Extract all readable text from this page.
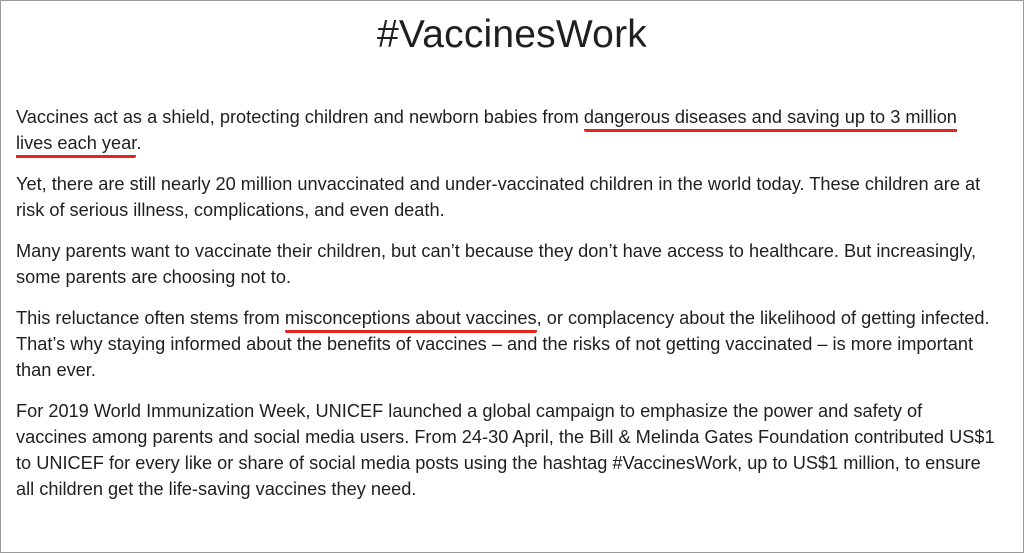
#VaccinesWork

Vaccines act as a shield, protecting children and newborn babies from dangerous diseases and saving up to 3 million lives each year.

Yet, there are still nearly 20 million unvaccinated and under-vaccinated children in the world today. These children are at risk of serious illness, complications, and even death.

Many parents want to vaccinate their children, but can’t because they don’t have access to healthcare. But increasingly, some parents are choosing not to.

This reluctance often stems from misconceptions about vaccines, or complacency about the likelihood of getting infected. That’s why staying informed about the benefits of vaccines – and the risks of not getting vaccinated – is more important than ever.

For 2019 World Immunization Week, UNICEF launched a global campaign to emphasize the power and safety of vaccines among parents and social media users. From 24-30 April, the Bill & Melinda Gates Foundation contributed US$1 to UNICEF for every like or share of social media posts using the hashtag #VaccinesWork, up to US$1 million, to ensure all children get the life-saving vaccines they need.
